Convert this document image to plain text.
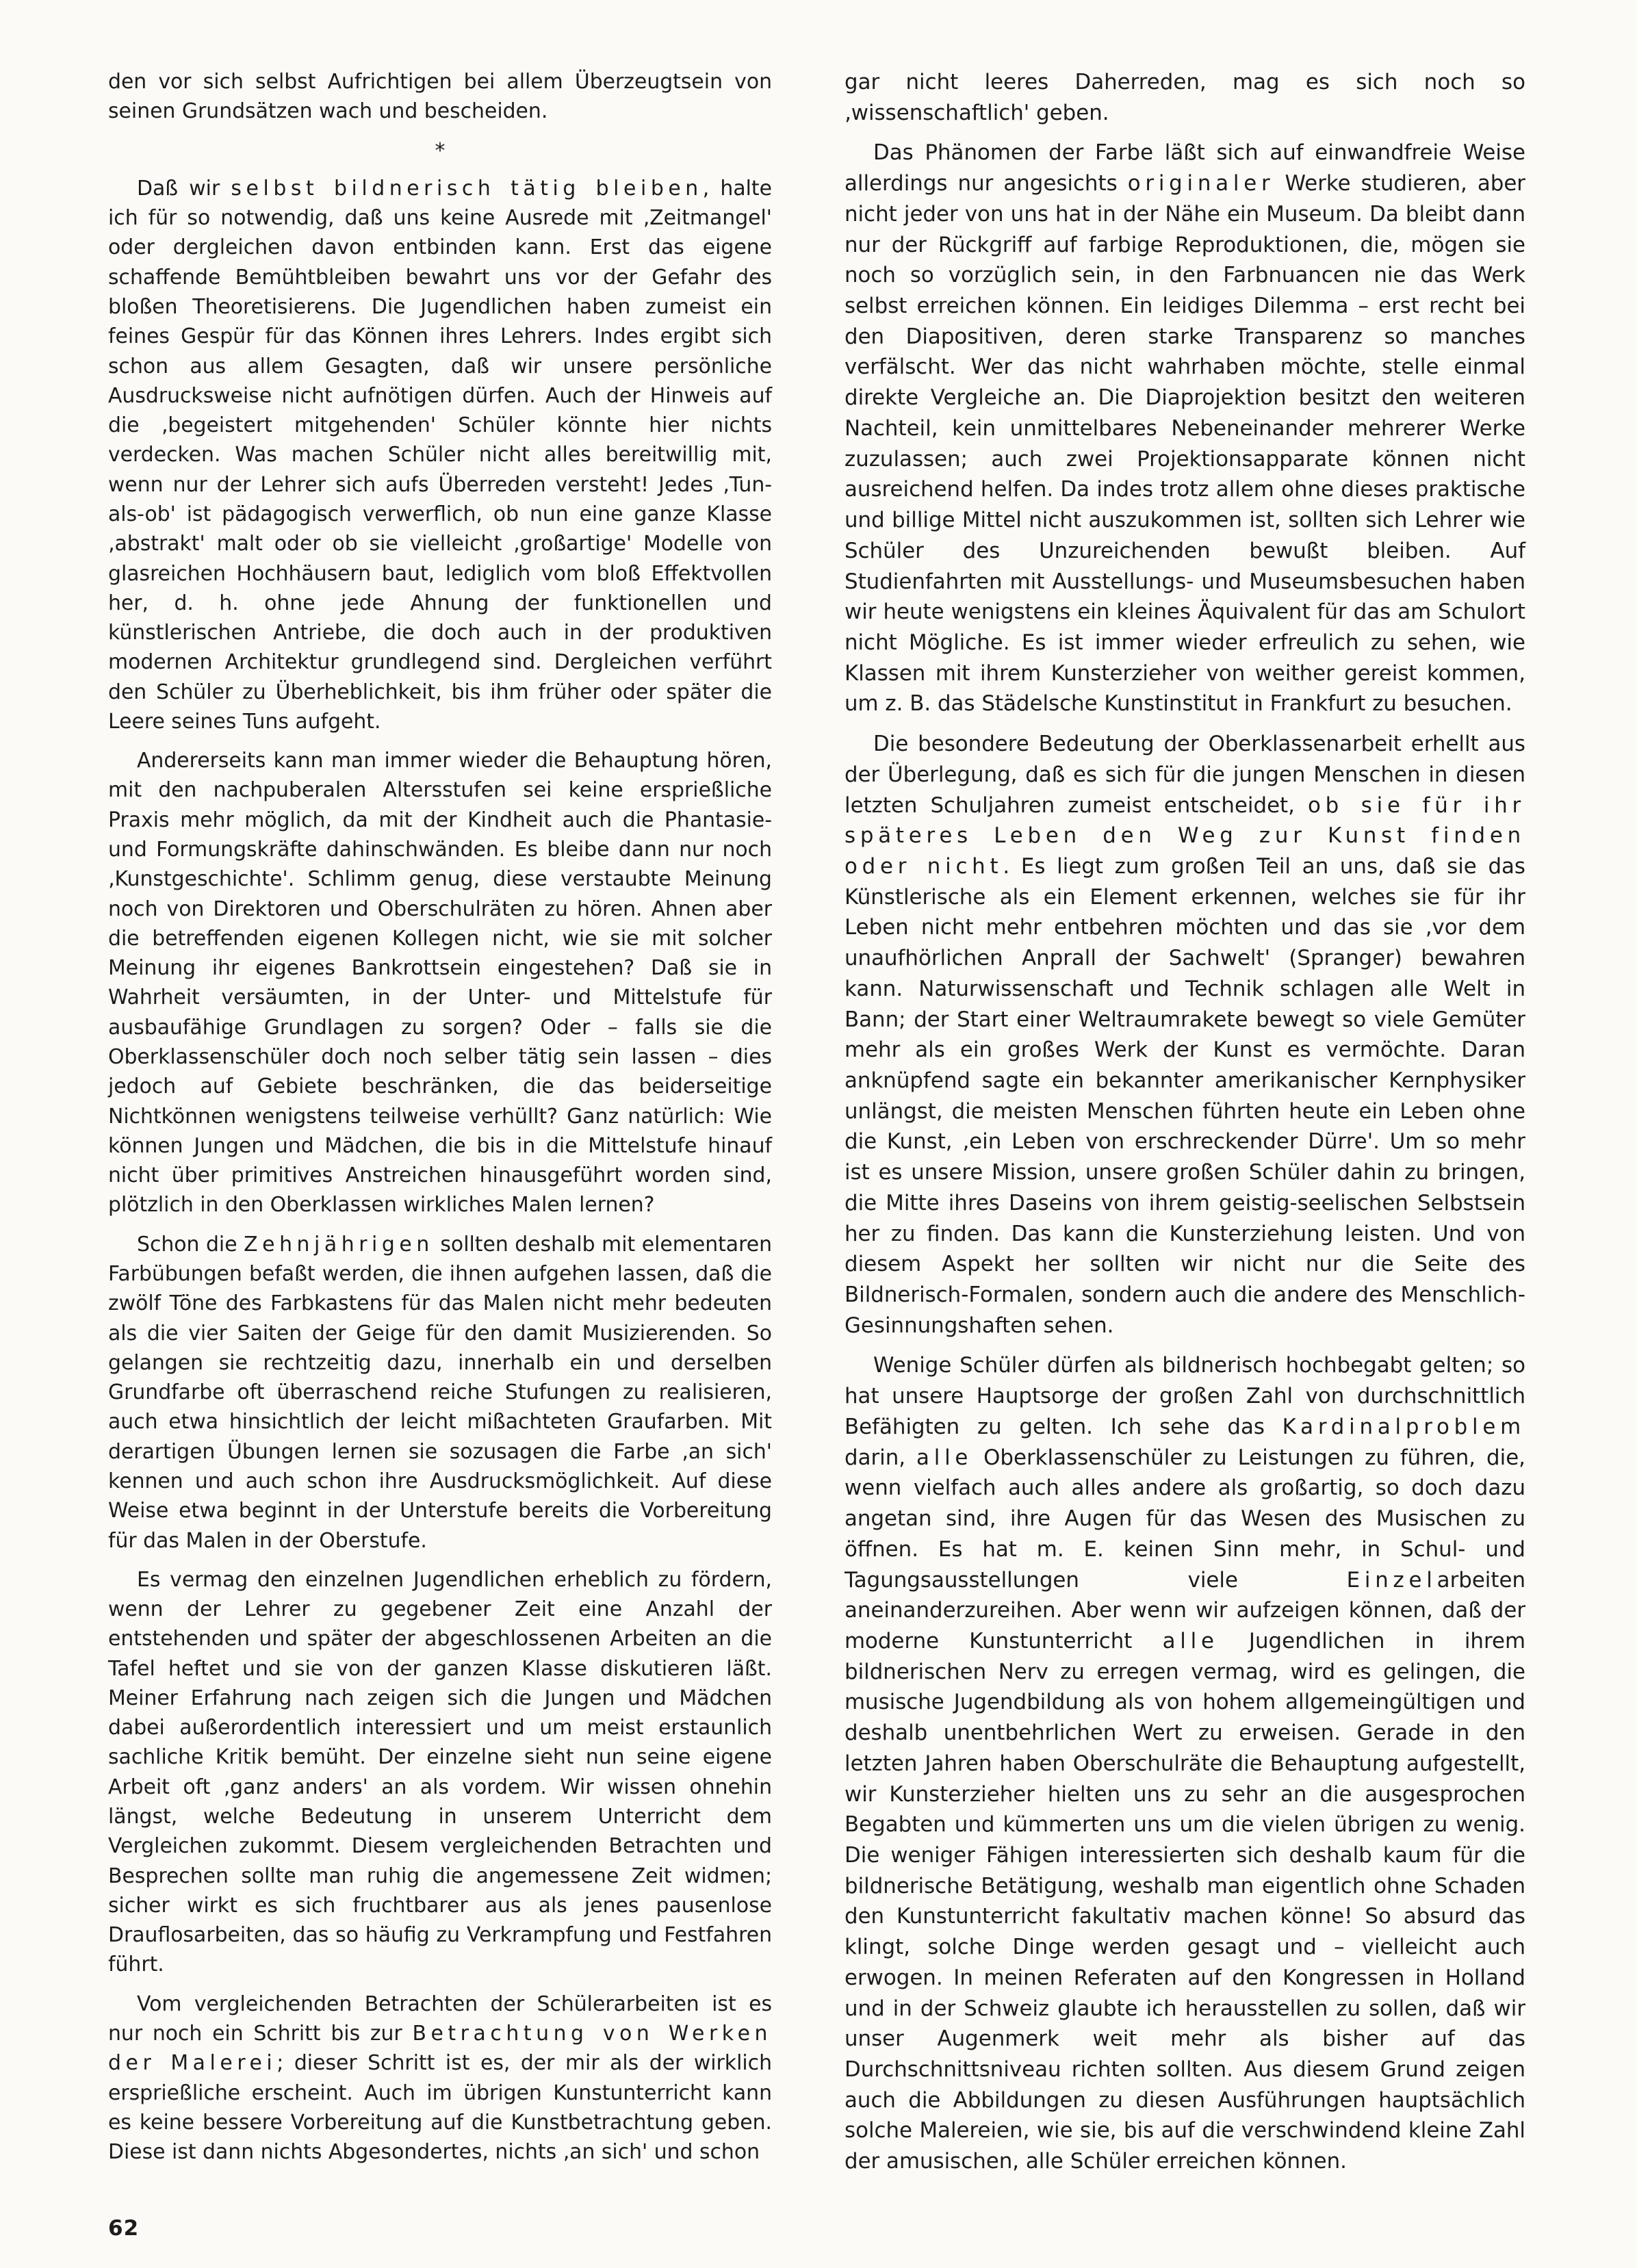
den vor sich selbst Aufrichtigen bei allem Überzeugtsein von seinen Grundsätzen wach und bescheiden.

*

Daß wir selbst bildnerisch tätig bleiben, halte ich für so notwendig, daß uns keine Ausrede mit ‚Zeitmangel' oder dergleichen davon entbinden kann. Erst das eigene schaffende Bemühtbleiben bewahrt uns vor der Gefahr des bloßen Theoretisierens. Die Jugendlichen haben zumeist ein feines Gespür für das Können ihres Lehrers. Indes ergibt sich schon aus allem Gesagten, daß wir unsere persönliche Ausdrucksweise nicht aufnötigen dürfen. Auch der Hinweis auf die ‚begeistert mitgehenden' Schüler könnte hier nichts verdecken. Was machen Schüler nicht alles bereitwillig mit, wenn nur der Lehrer sich aufs Überreden versteht! Jedes ‚Tun-als-ob' ist pädagogisch verwerflich, ob nun eine ganze Klasse ‚abstrakt' malt oder ob sie vielleicht ‚großartige' Modelle von glasreichen Hochhäusern baut, lediglich vom bloß Effektvollen her, d. h. ohne jede Ahnung der funktionellen und künstlerischen Antriebe, die doch auch in der produktiven modernen Architektur grundlegend sind. Dergleichen verführt den Schüler zu Überheblichkeit, bis ihm früher oder später die Leere seines Tuns aufgeht.

Andererseits kann man immer wieder die Behauptung hören, mit den nachpuberalen Altersstufen sei keine ersprießliche Praxis mehr möglich, da mit der Kindheit auch die Phantasie- und Formungskräfte dahinschwänden. Es bleibe dann nur noch ‚Kunstgeschichte'. Schlimm genug, diese verstaubte Meinung noch von Direktoren und Oberschulräten zu hören. Ahnen aber die betreffenden eigenen Kollegen nicht, wie sie mit solcher Meinung ihr eigenes Bankrottsein eingestehen? Daß sie in Wahrheit versäumten, in der Unter- und Mittelstufe für ausbaufähige Grundlagen zu sorgen? Oder – falls sie die Oberklassenschüler doch noch selber tätig sein lassen – dies jedoch auf Gebiete beschränken, die das beiderseitige Nichtkönnen wenigstens teilweise verhüllt? Ganz natürlich: Wie können Jungen und Mädchen, die bis in die Mittelstufe hinauf nicht über primitives Anstreichen hinausgeführt worden sind, plötzlich in den Oberklassen wirkliches Malen lernen?

Schon die Zehnjährigen sollten deshalb mit elementaren Farbübungen befaßt werden, die ihnen aufgehen lassen, daß die zwölf Töne des Farbkastens für das Malen nicht mehr bedeuten als die vier Saiten der Geige für den damit Musizierenden. So gelangen sie rechtzeitig dazu, innerhalb ein und derselben Grundfarbe oft überraschend reiche Stufungen zu realisieren, auch etwa hinsichtlich der leicht mißachteten Graufarben. Mit derartigen Übungen lernen sie sozusagen die Farbe ‚an sich' kennen und auch schon ihre Ausdrucksmöglichkeit. Auf diese Weise etwa beginnt in der Unterstufe bereits die Vorbereitung für das Malen in der Oberstufe.

Es vermag den einzelnen Jugendlichen erheblich zu fördern, wenn der Lehrer zu gegebener Zeit eine Anzahl der entstehenden und später der abgeschlossenen Arbeiten an die Tafel heftet und sie von der ganzen Klasse diskutieren läßt. Meiner Erfahrung nach zeigen sich die Jungen und Mädchen dabei außerordentlich interessiert und um meist erstaunlich sachliche Kritik bemüht. Der einzelne sieht nun seine eigene Arbeit oft ‚ganz anders' an als vordem. Wir wissen ohnehin längst, welche Bedeutung in unserem Unterricht dem Vergleichen zukommt. Diesem vergleichenden Betrachten und Besprechen sollte man ruhig die angemessene Zeit widmen; sicher wirkt es sich fruchtbarer aus als jenes pausenlose Drauflosarbeiten, das so häufig zu Verkrampfung und Festfahren führt.

Vom vergleichenden Betrachten der Schülerarbeiten ist es nur noch ein Schritt bis zur Betrachtung von Werken der Malerei; dieser Schritt ist es, der mir als der wirklich ersprießliche erscheint. Auch im übrigen Kunstunterricht kann es keine bessere Vorbereitung auf die Kunstbetrachtung geben. Diese ist dann nichts Abgesondertes, nichts ‚an sich' und schon

gar nicht leeres Daherreden, mag es sich noch so ‚wissenschaftlich' geben.

Das Phänomen der Farbe läßt sich auf einwandfreie Weise allerdings nur angesichts originaler Werke studieren, aber nicht jeder von uns hat in der Nähe ein Museum. Da bleibt dann nur der Rückgriff auf farbige Reproduktionen, die, mögen sie noch so vorzüglich sein, in den Farbnuancen nie das Werk selbst erreichen können. Ein leidiges Dilemma – erst recht bei den Diapositiven, deren starke Transparenz so manches verfälscht. Wer das nicht wahrhaben möchte, stelle einmal direkte Vergleiche an. Die Diaprojektion besitzt den weiteren Nachteil, kein unmittelbares Nebeneinander mehrerer Werke zuzulassen; auch zwei Projektionsapparate können nicht ausreichend helfen. Da indes trotz allem ohne dieses praktische und billige Mittel nicht auszukommen ist, sollten sich Lehrer wie Schüler des Unzureichenden bewußt bleiben. Auf Studienfahrten mit Ausstellungs- und Museumsbesuchen haben wir heute wenigstens ein kleines Äquivalent für das am Schulort nicht Mögliche. Es ist immer wieder erfreulich zu sehen, wie Klassen mit ihrem Kunsterzieher von weither gereist kommen, um z. B. das Städelsche Kunstinstitut in Frankfurt zu besuchen.

Die besondere Bedeutung der Oberklassenarbeit erhellt aus der Überlegung, daß es sich für die jungen Menschen in diesen letzten Schuljahren zumeist entscheidet, ob sie für ihr späteres Leben den Weg zur Kunst finden oder nicht. Es liegt zum großen Teil an uns, daß sie das Künstlerische als ein Element erkennen, welches sie für ihr Leben nicht mehr entbehren möchten und das sie ‚vor dem unaufhörlichen Anprall der Sachwelt' (Spranger) bewahren kann. Naturwissenschaft und Technik schlagen alle Welt in Bann; der Start einer Weltraumrakete bewegt so viele Gemüter mehr als ein großes Werk der Kunst es vermöchte. Daran anknüpfend sagte ein bekannter amerikanischer Kernphysiker unlängst, die meisten Menschen führten heute ein Leben ohne die Kunst, ‚ein Leben von erschreckender Dürre'. Um so mehr ist es unsere Mission, unsere großen Schüler dahin zu bringen, die Mitte ihres Daseins von ihrem geistig-seelischen Selbstsein her zu finden. Das kann die Kunsterziehung leisten. Und von diesem Aspekt her sollten wir nicht nur die Seite des Bildnerisch-Formalen, sondern auch die andere des Menschlich-Gesinnungshaften sehen.

Wenige Schüler dürfen als bildnerisch hochbegabt gelten; so hat unsere Hauptsorge der großen Zahl von durchschnittlich Befähigten zu gelten. Ich sehe das Kardinalproblem darin, alle Oberklassenschüler zu Leistungen zu führen, die, wenn vielfach auch alles andere als großartig, so doch dazu angetan sind, ihre Augen für das Wesen des Musischen zu öffnen. Es hat m. E. keinen Sinn mehr, in Schul- und Tagungsausstellungen viele Einzelarbeiten aneinanderzureihen. Aber wenn wir aufzeigen können, daß der moderne Kunstunterricht alle Jugendlichen in ihrem bildnerischen Nerv zu erregen vermag, wird es gelingen, die musische Jugendbildung als von hohem allgemeingültigen und deshalb unentbehrlichen Wert zu erweisen. Gerade in den letzten Jahren haben Oberschulräte die Behauptung aufgestellt, wir Kunsterzieher hielten uns zu sehr an die ausgesprochen Begabten und kümmerten uns um die vielen übrigen zu wenig. Die weniger Fähigen interessierten sich deshalb kaum für die bildnerische Betätigung, weshalb man eigentlich ohne Schaden den Kunstunterricht fakultativ machen könne! So absurd das klingt, solche Dinge werden gesagt und – vielleicht auch erwogen. In meinen Referaten auf den Kongressen in Holland und in der Schweiz glaubte ich herausstellen zu sollen, daß wir unser Augenmerk weit mehr als bisher auf das Durchschnittsniveau richten sollten. Aus diesem Grund zeigen auch die Abbildungen zu diesen Ausführungen hauptsächlich solche Malereien, wie sie, bis auf die verschwindend kleine Zahl der amusischen, alle Schüler erreichen können.

62
